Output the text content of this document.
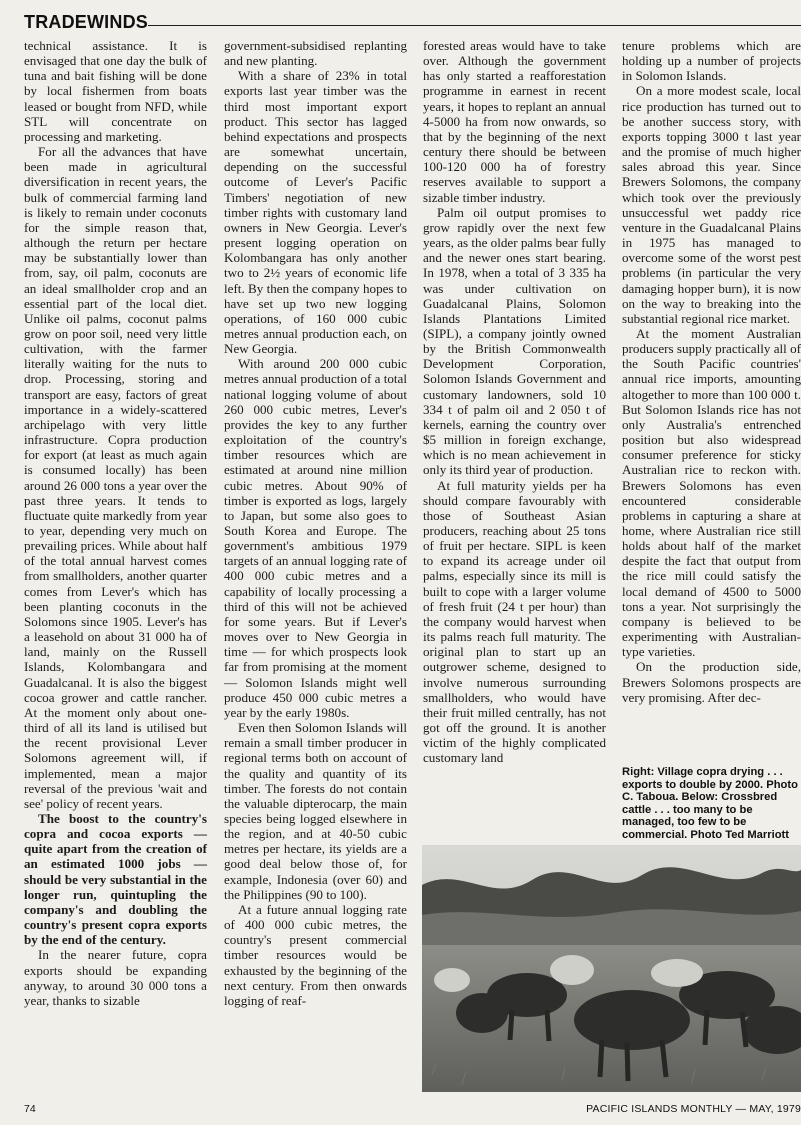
TRADEWINDS

technical assistance. It is envisaged that one day the bulk of tuna and bait fishing will be done by local fishermen from boats leased or bought from NFD, while STL will concentrate on processing and marketing.

For all the advances that have been made in agricultural diversification in recent years, the bulk of commercial farming land is likely to remain under coconuts for the simple reason that, although the return per hectare may be substantially lower than from, say, oil palm, coconuts are an ideal smallholder crop and an essential part of the local diet. Unlike oil palms, coconut palms grow on poor soil, need very little cultivation, with the farmer literally waiting for the nuts to drop. Processing, storing and transport are easy, factors of great importance in a widely-scattered archipelago with very little infrastructure. Copra production for export (at least as much again is consumed locally) has been around 26 000 tons a year over the past three years. It tends to fluctuate quite markedly from year to year, depending very much on prevailing prices. While about half of the total annual harvest comes from smallholders, another quarter comes from Lever's which has been planting coconuts in the Solomons since 1905. Lever's has a leasehold on about 31 000 ha of land, mainly on the Russell Islands, Kolombangara and Guadalcanal. It is also the biggest cocoa grower and cattle rancher. At the moment only about one-third of all its land is utilised but the recent provisional Lever Solomons agreement will, if implemented, mean a major reversal of the previous 'wait and see' policy of recent years.

The boost to the country's copra and cocoa exports — quite apart from the creation of an estimated 1000 jobs — should be very substantial in the longer run, quintupling the company's and doubling the country's present copra exports by the end of the century.

In the nearer future, copra exports should be expanding anyway, to around 30 000 tons a year, thanks to sizable

government-subsidised replanting and new planting.

With a share of 23% in total exports last year timber was the third most important export product. This sector has lagged behind expectations and prospects are somewhat uncertain, depending on the successful outcome of Lever's Pacific Timbers' negotiation of new timber rights with customary land owners in New Georgia. Lever's present logging operation on Kolombangara has only another two to 2½ years of economic life left. By then the company hopes to have set up two new logging operations, of 160 000 cubic metres annual production each, on New Georgia.

With around 200 000 cubic metres annual production of a total national logging volume of about 260 000 cubic metres, Lever's provides the key to any further exploitation of the country's timber resources which are estimated at around nine million cubic metres. About 90% of timber is exported as logs, largely to Japan, but some also goes to South Korea and Europe. The government's ambitious 1979 targets of an annual logging rate of 400 000 cubic metres and a capability of locally processing a third of this will not be achieved for some years. But if Lever's moves over to New Georgia in time — for which prospects look far from promising at the moment — Solomon Islands might well produce 450 000 cubic metres a year by the early 1980s.

Even then Solomon Islands will remain a small timber producer in regional terms both on account of the quality and quantity of its timber. The forests do not contain the valuable dipterocarp, the main species being logged elsewhere in the region, and at 40-50 cubic metres per hectare, its yields are a good deal below those of, for example, Indonesia (over 60) and the Philippines (90 to 100).

At a future annual logging rate of 400 000 cubic metres, the country's present commercial timber resources would be exhausted by the beginning of the next century. From then onwards logging of reaf-

forested areas would have to take over. Although the government has only started a reafforestation programme in earnest in recent years, it hopes to replant an annual 4-5000 ha from now onwards, so that by the beginning of the next century there should be between 100-120 000 ha of forestry reserves available to support a sizable timber industry.

Palm oil output promises to grow rapidly over the next few years, as the older palms bear fully and the newer ones start bearing. In 1978, when a total of 3 335 ha was under cultivation on Guadalcanal Plains, Solomon Islands Plantations Limited (SIPL), a company jointly owned by the British Commonwealth Development Corporation, Solomon Islands Government and customary landowners, sold 10 334 t of palm oil and 2 050 t of kernels, earning the country over $5 million in foreign exchange, which is no mean achievement in only its third year of production.

At full maturity yields per ha should compare favourably with those of Southeast Asian producers, reaching about 25 tons of fruit per hectare. SIPL is keen to expand its acreage under oil palms, especially since its mill is built to cope with a larger volume of fresh fruit (24 t per hour) than the company would harvest when its palms reach full maturity. The original plan to start up an outgrower scheme, designed to involve numerous surrounding smallholders, who would have their fruit milled centrally, has not got off the ground. It is another victim of the highly complicated customary land

tenure problems which are holding up a number of projects in Solomon Islands.

On a more modest scale, local rice production has turned out to be another success story, with exports topping 3000 t last year and the promise of much higher sales abroad this year. Since Brewers Solomons, the company which took over the previously unsuccessful wet paddy rice venture in the Guadalcanal Plains in 1975 has managed to overcome some of the worst pest problems (in particular the very damaging hopper burn), it is now on the way to breaking into the substantial regional rice market.

At the moment Australian producers supply practically all of the South Pacific countries' annual rice imports, amounting altogether to more than 100 000 t. But Solomon Islands rice has not only Australia's entrenched position but also widespread consumer preference for sticky Australian rice to reckon with. Brewers Solomons has even encountered considerable problems in capturing a share at home, where Australian rice still holds about half of the market despite the fact that output from the rice mill could satisfy the local demand of 4500 to 5000 tons a year. Not surprisingly the company is believed to be experimenting with Australian-type varieties.

On the production side, Brewers Solomons prospects are very promising. After dec-

Right: Village copra drying . . . exports to double by 2000. Photo C. Taboua. Below: Crossbred cattle . . . too many to be managed, too few to be commercial. Photo Ted Marriott
74	PACIFIC ISLANDS MONTHLY — MAY, 1979
